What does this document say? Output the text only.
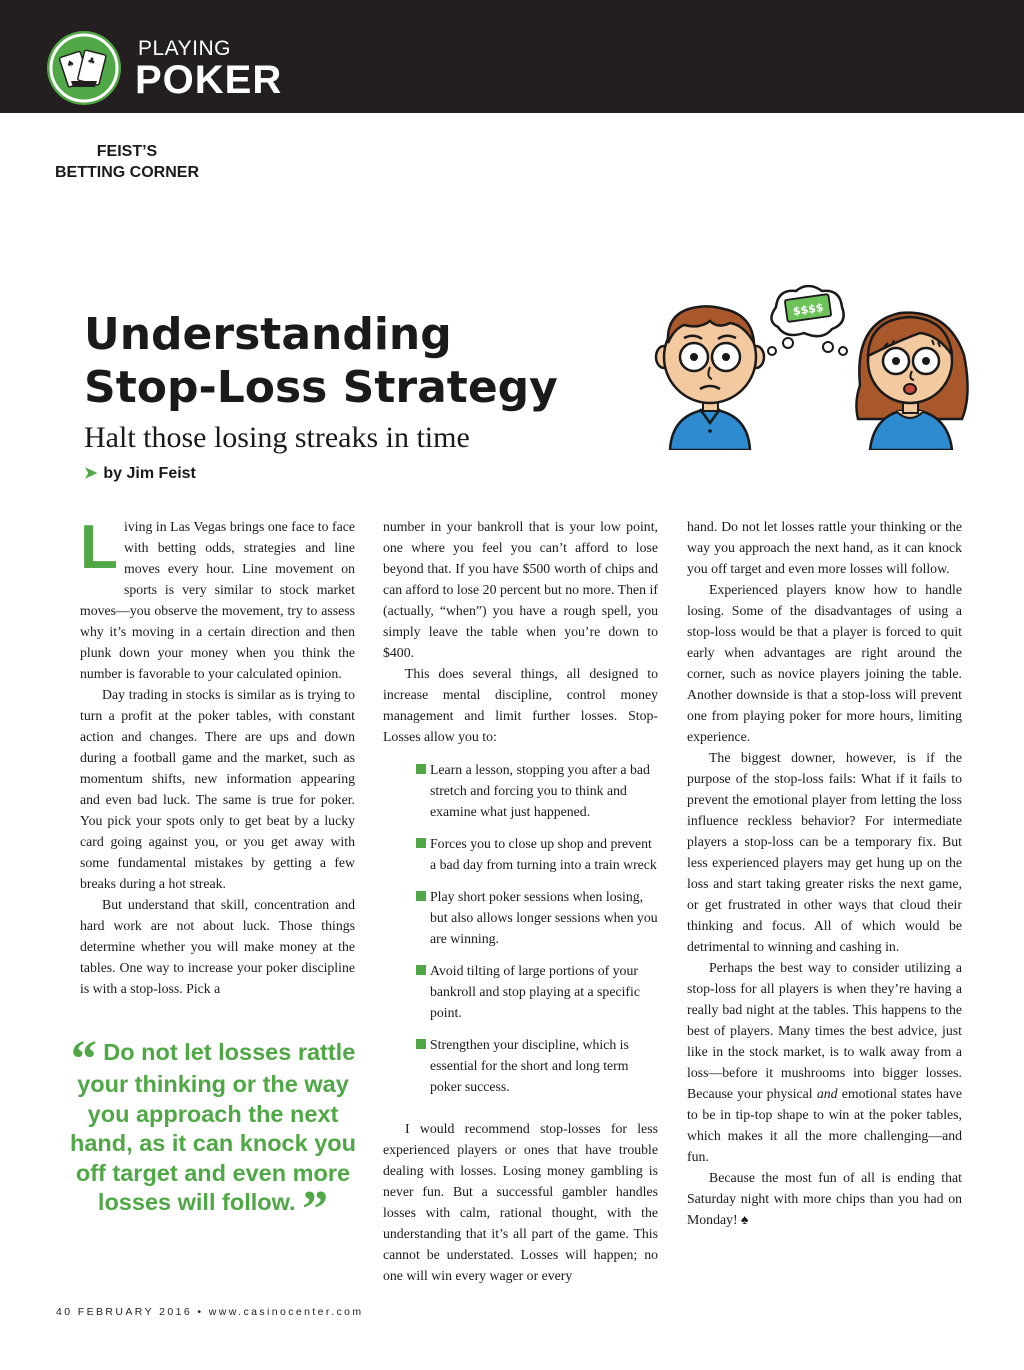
♠ ♣
PLAYING
POKER
FEIST’S
BETTING CORNER
Understanding
Stop-Loss Strategy
Halt those losing streaks in time
➤ by Jim Feist
$$$$
L iving in Las Vegas brings one face to face with betting odds, strategies and line moves every hour. Line movement on sports is very similar to stock market moves—you observe the movement, try to assess why it’s moving in a certain direction and then plunk down your money when you think the number is favorable to your calculated opinion.

Day trading in stocks is similar as is trying to turn a profit at the poker tables, with constant action and changes. There are ups and down during a football game and the market, such as momentum shifts, new information appearing and even bad luck. The same is true for poker. You pick your spots only to get beat by a lucky card going against you, or you get away with some fundamental mistakes by getting a few breaks during a hot streak.

But understand that skill, concentration and hard work are not about luck. Those things determine whether you will make money at the tables. One way to increase your poker discipline is with a stop-loss. Pick a

“ Do not let losses rattle your thinking or the way you approach the next hand, as it can knock you off target and even more losses will follow. ”

number in your bankroll that is your low point, one where you feel you can’t afford to lose beyond that. If you have $500 worth of chips and can afford to lose 20 percent but no more. Then if (actually, “when”) you have a rough spell, you simply leave the table when you’re down to $400.

This does several things, all designed to increase mental discipline, control money management and limit further losses. Stop-Losses allow you to:

Learn a lesson, stopping you after a bad stretch and forcing you to think and examine what just happened.
Forces you to close up shop and prevent a bad day from turning into a train wreck
Play short poker sessions when losing, but also allows longer sessions when you are winning.
Avoid tilting of large portions of your bankroll and stop playing at a specific point.
Strengthen your discipline, which is essential for the short and long term poker success.

I would recommend stop-losses for less experienced players or ones that have trouble dealing with losses. Losing money gambling is never fun. But a successful gambler handles losses with calm, rational thought, with the understanding that it’s all part of the game. This cannot be understated. Losses will happen; no one will win every wager or every

hand. Do not let losses rattle your thinking or the way you approach the next hand, as it can knock you off target and even more losses will follow.

Experienced players know how to handle losing. Some of the disadvantages of using a stop-loss would be that a player is forced to quit early when advantages are right around the corner, such as novice players joining the table. Another downside is that a stop-loss will prevent one from playing poker for more hours, limiting experience.

The biggest downer, however, is if the purpose of the stop-loss fails: What if it fails to prevent the emotional player from letting the loss influence reckless behavior? For intermediate players a stop-loss can be a temporary fix. But less experienced players may get hung up on the loss and start taking greater risks the next game, or get frustrated in other ways that cloud their thinking and focus. All of which would be detrimental to winning and cashing in.

Perhaps the best way to consider utilizing a stop-loss for all players is when they’re having a really bad night at the tables. This happens to the best of players. Many times the best advice, just like in the stock market, is to walk away from a loss—before it mushrooms into bigger losses. Because your physical and emotional states have to be in tip-top shape to win at the poker tables, which makes it all the more challenging—and fun.

Because the most fun of all is ending that Saturday night with more chips than you had on Monday! ♠

40 FEBRUARY 2016 • www.casinocenter.com
